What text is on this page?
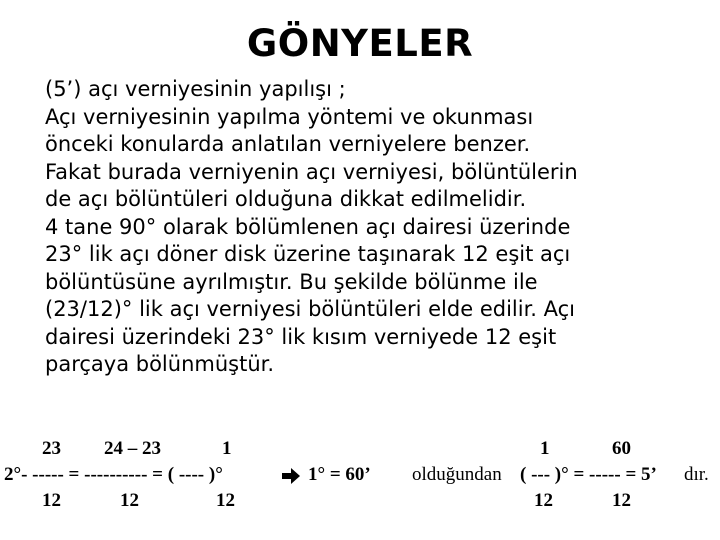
GÖNYELER
(5’) açı verniyesinin yapılışı ;
Açı verniyesinin yapılma yöntemi ve okunması
önceki konularda anlatılan verniyelere benzer.
Fakat burada verniyenin açı verniyesi, bölüntülerin
de açı bölüntüleri olduğuna dikkat edilmelidir.
4 tane 90° olarak bölümlenen açı dairesi üzerinde
23° lik açı döner disk üzerine taşınarak 12 eşit açı
bölüntüsüne ayrılmıştır. Bu şekilde bölünme ile
(23/12)° lik açı verniyesi bölüntüleri elde edilir. Açı
dairesi üzerindeki 23° lik kısım verniyede 12 eşit
parçaya bölünmüştür.
23 24 – 23	1	1	60
2°- ----- = ---------- = ( ---- )°	1° = 60’ olduğundan ( --- )° = ----- = 5’ dır.
12	12	12	12	12
